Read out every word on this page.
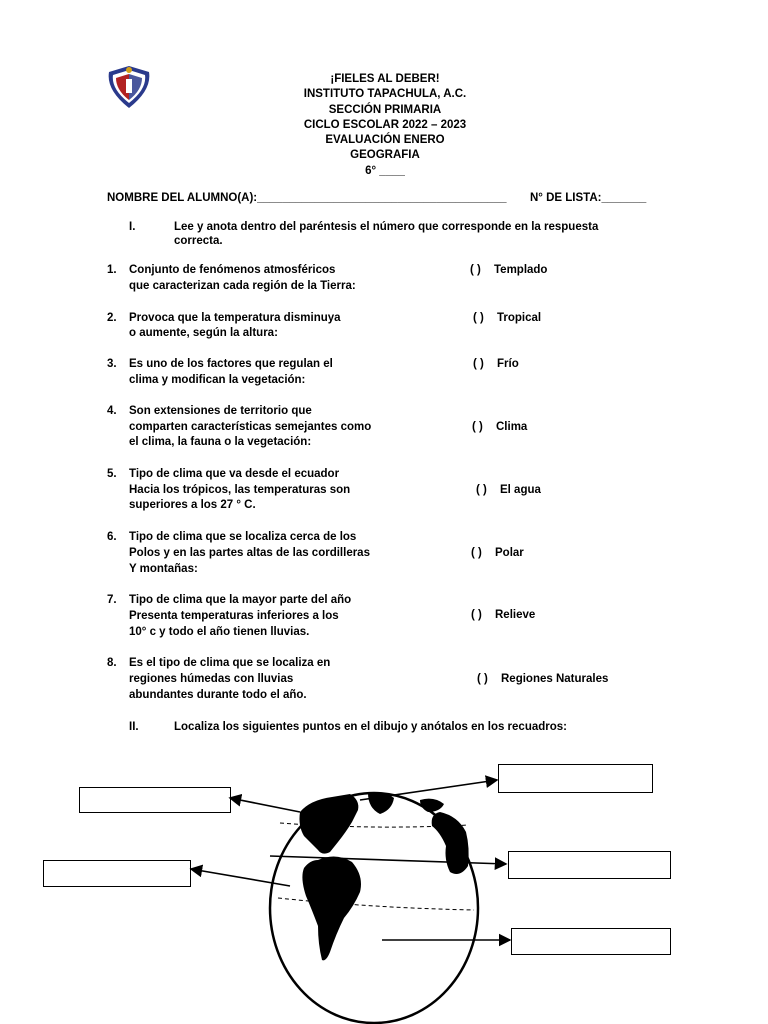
¡FIELES AL DEBER!
INSTITUTO TAPACHULA, A.C.
SECCIÓN PRIMARIA
CICLO ESCOLAR 2022 – 2023
EVALUACIÓN ENERO
GEOGRAFIA
6° ____
NOMBRE DEL ALUMNO(A):_______________________________________ N° DE LISTA:_______
I.	Lee y anota dentro del paréntesis el número que corresponde en la respuesta
correcta.
1. Conjunto de fenómenos atmosféricos
que caracterizan cada región de la Tierra:
2. Provoca que la temperatura disminuya
o aumente, según la altura:
3. Es uno de los factores que regulan el
clima y modifican la vegetación:
4. Son extensiones de territorio que
comparten características semejantes como
el clima, la fauna o la vegetación:
5. Tipo de clima que va desde el ecuador
Hacia los trópicos, las temperaturas son
superiores a los 27 ° C.
6. Tipo de clima que se localiza cerca de los
Polos y en las partes altas de las cordilleras
Y montañas:
7. Tipo de clima que la mayor parte del año
Presenta temperaturas inferiores a los
10° c y todo el año tienen lluvias.
8. Es el tipo de clima que se localiza en
regiones húmedas con lluvias
abundantes durante todo el año.
( ) Templado
( ) Tropical
( ) Frío
( ) Clima
( ) El agua
( ) Polar
( ) Relieve
( ) Regiones Naturales
II.	Localiza los siguientes puntos en el dibujo y anótalos en los recuadros:
